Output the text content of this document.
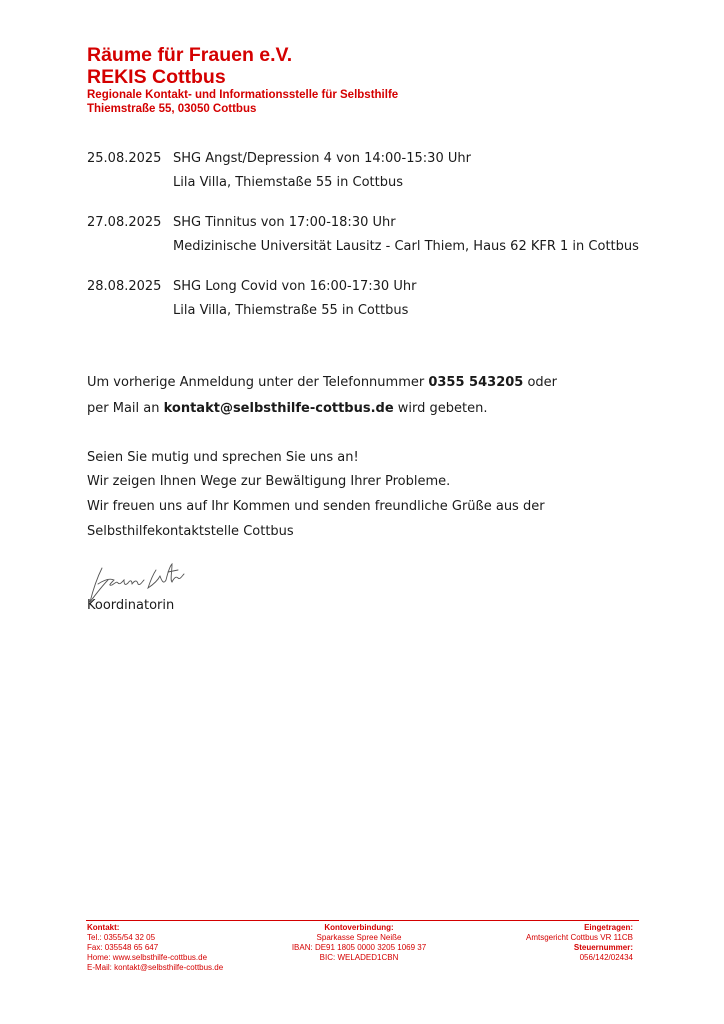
Räume für Frauen e.V.
REKIS Cottbus

Regionale Kontakt- und Informationsstelle für Selbsthilfe

Thiemstraße 55, 03050 Cottbus

25.08.2025 SHG Angst/Depression 4 von 14:00-15:30 Uhr
Lila Villa, Thiemstaße 55 in Cottbus
27.08.2025 SHG Tinnitus von 17:00-18:30 Uhr
Medizinische Universität Lausitz - Carl Thiem, Haus 62 KFR 1 in Cottbus
28.08.2025 SHG Long Covid von 16:00-17:30 Uhr
Lila Villa, Thiemstraße 55 in Cottbus
Um vorherige Anmeldung unter der Telefonnummer 0355 543205 oder
per Mail an kontakt@selbsthilfe-cottbus.de wird gebeten.
Seien Sie mutig und sprechen Sie uns an!
Wir zeigen Ihnen Wege zur Bewältigung Ihrer Probleme.
Wir freuen uns auf Ihr Kommen und senden freundliche Grüße aus der
Selbsthilfekontaktstelle Cottbus
Koordinatorin
Kontakt:
Tel.: 0355/54 32 05
Fax: 035548 65 647
Home: www.selbsthilfe-cottbus.de
E-Mail: kontakt@selbsthilfe-cottbus.de
Kontoverbindung:
Sparkasse Spree Neiße
IBAN: DE91 1805 0000 3205 1069 37
BIC: WELADED1CBN
Eingetragen:
Amtsgericht Cottbus VR 11CB
Steuernummer:
056/142/02434
